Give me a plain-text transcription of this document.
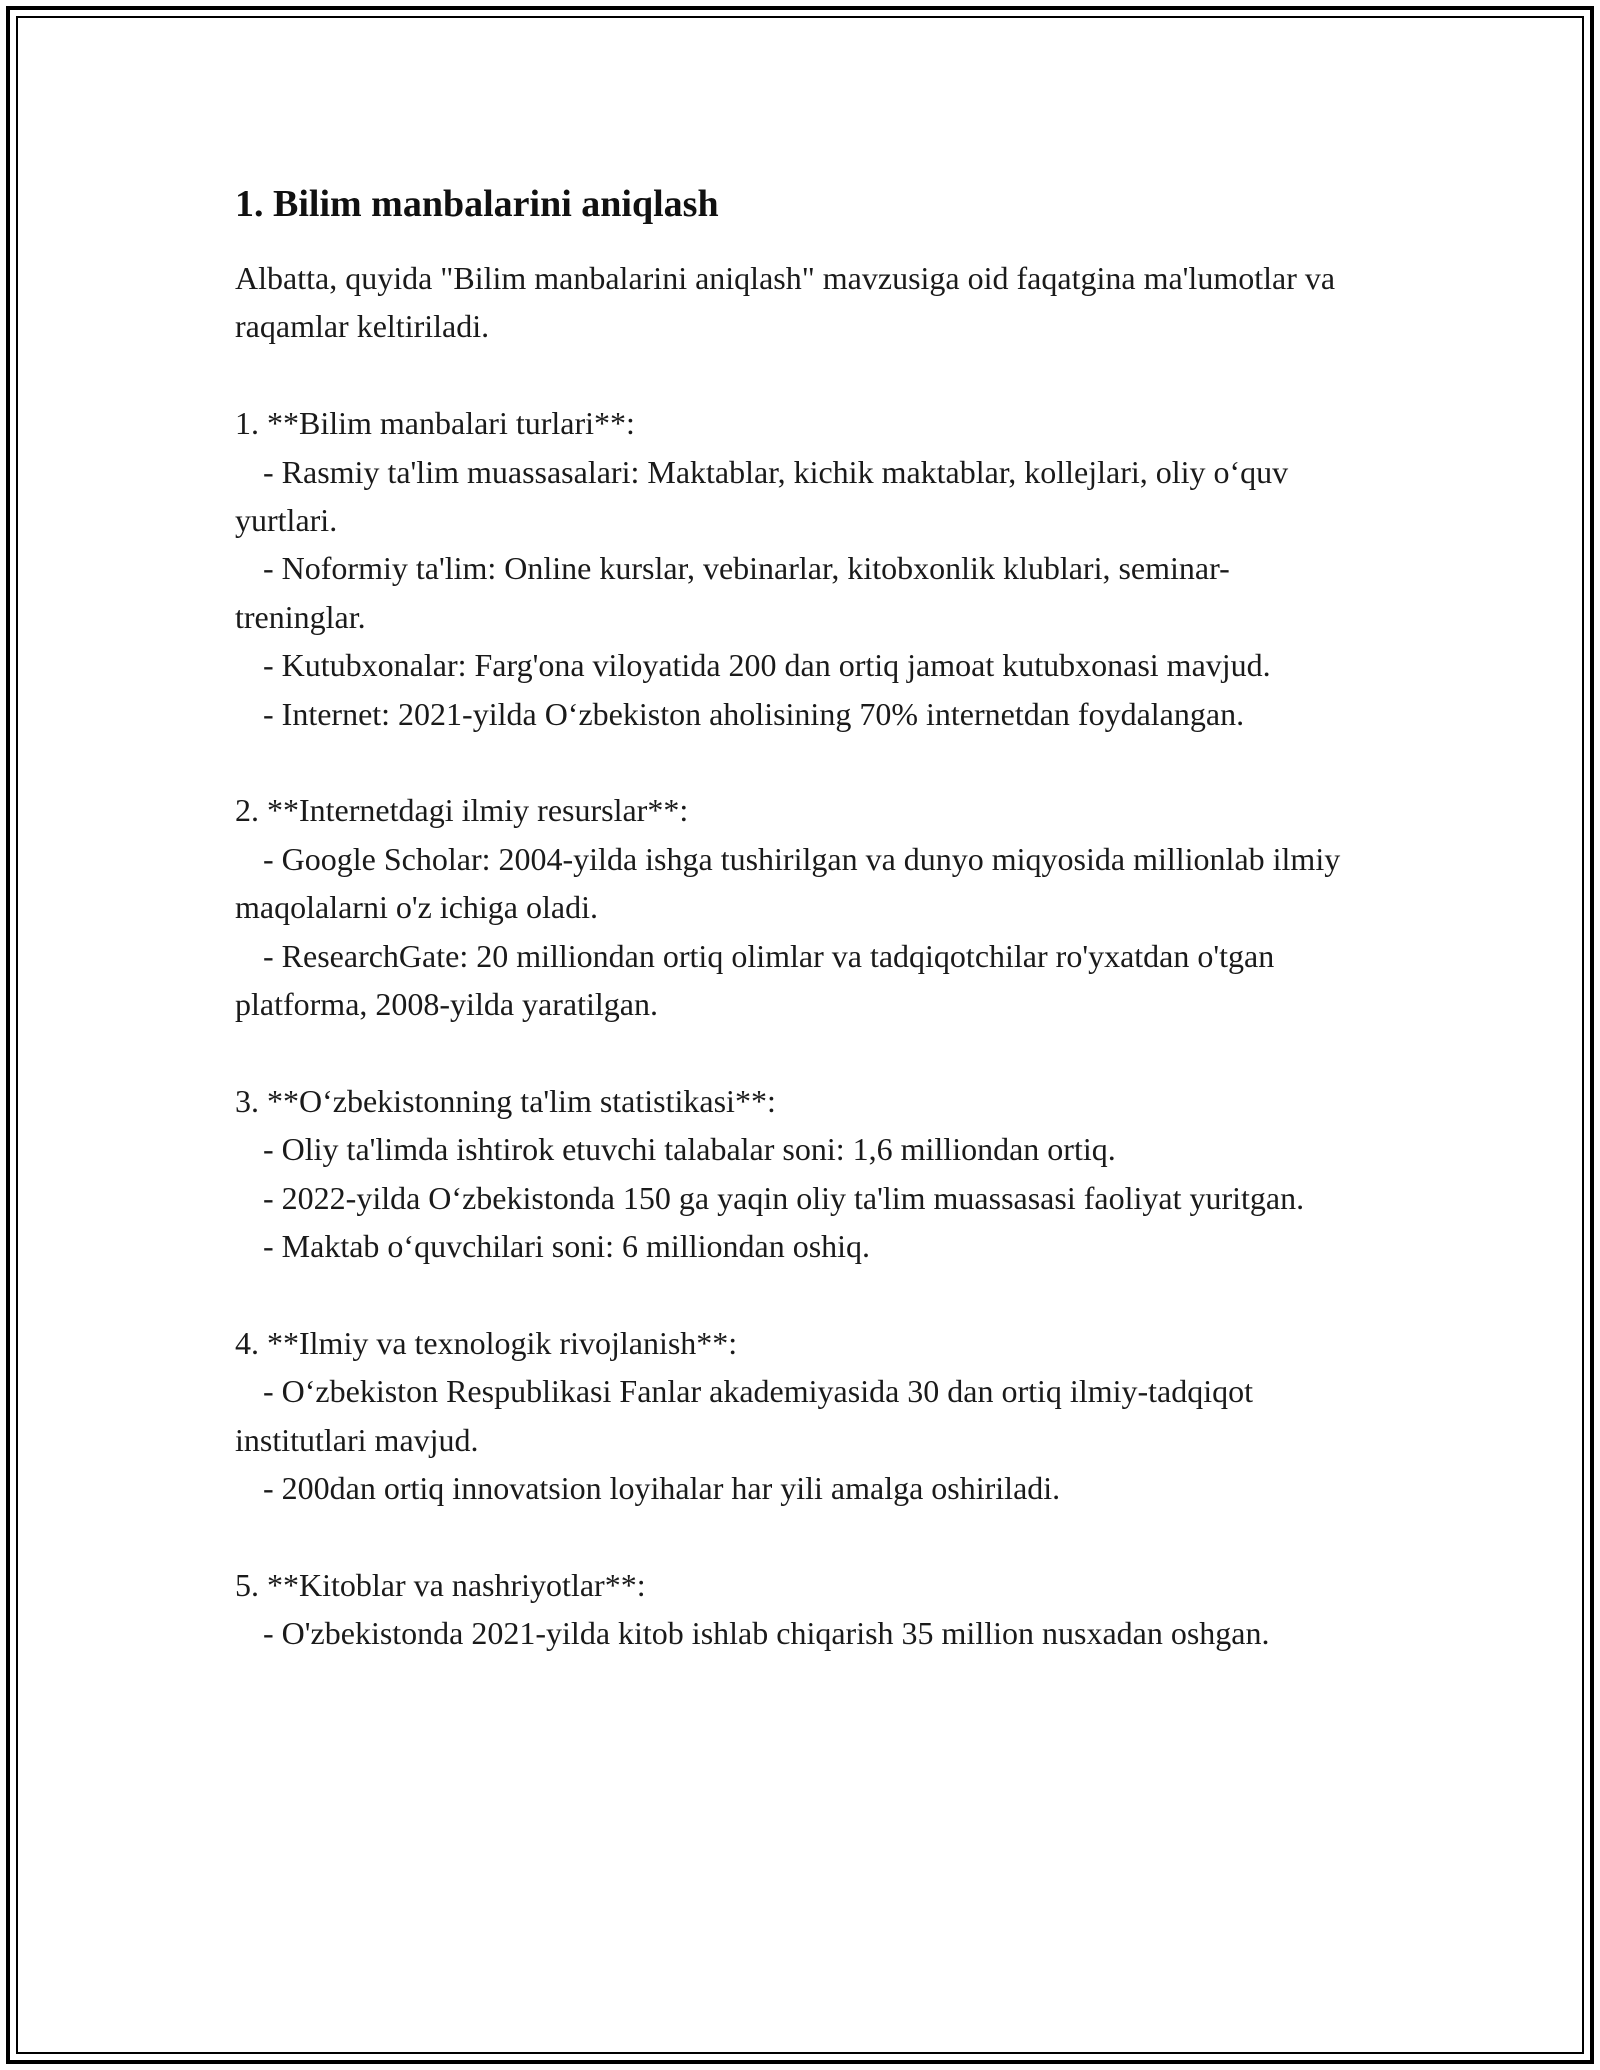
1. Bilim manbalarini aniqlash

Albatta, quyida "Bilim manbalarini aniqlash" mavzusiga oid faqatgina ma'lumotlar va raqamlar keltiriladi.

1. **Bilim manbalari turlari**:

- Rasmiy ta'lim muassasalari: Maktablar, kichik maktablar, kollejlari, oliy o‘quv yurtlari.

- Noformiy ta'lim: Online kurslar, vebinarlar, kitobxonlik klublari, seminar-treninglar.

- Kutubxonalar: Farg'ona viloyatida 200 dan ortiq jamoat kutubxonasi mavjud.

- Internet: 2021-yilda O‘zbekiston aholisining 70% internetdan foydalangan.

2. **Internetdagi ilmiy resurslar**:

- Google Scholar: 2004-yilda ishga tushirilgan va dunyo miqyosida millionlab ilmiy maqolalarni o'z ichiga oladi.

- ResearchGate: 20 milliondan ortiq olimlar va tadqiqotchilar ro'yxatdan o'tgan platforma, 2008-yilda yaratilgan.

3. **O‘zbekistonning ta'lim statistikasi**:

- Oliy ta'limda ishtirok etuvchi talabalar soni: 1,6 milliondan ortiq.

- 2022-yilda O‘zbekistonda 150 ga yaqin oliy ta'lim muassasasi faoliyat yuritgan.

- Maktab o‘quvchilari soni: 6 milliondan oshiq.

4. **Ilmiy va texnologik rivojlanish**:

- O‘zbekiston Respublikasi Fanlar akademiyasida 30 dan ortiq ilmiy-tadqiqot institutlari mavjud.

- 200dan ortiq innovatsion loyihalar har yili amalga oshiriladi.

5. **Kitoblar va nashriyotlar**:

- O'zbekistonda 2021-yilda kitob ishlab chiqarish 35 million nusxadan oshgan.
